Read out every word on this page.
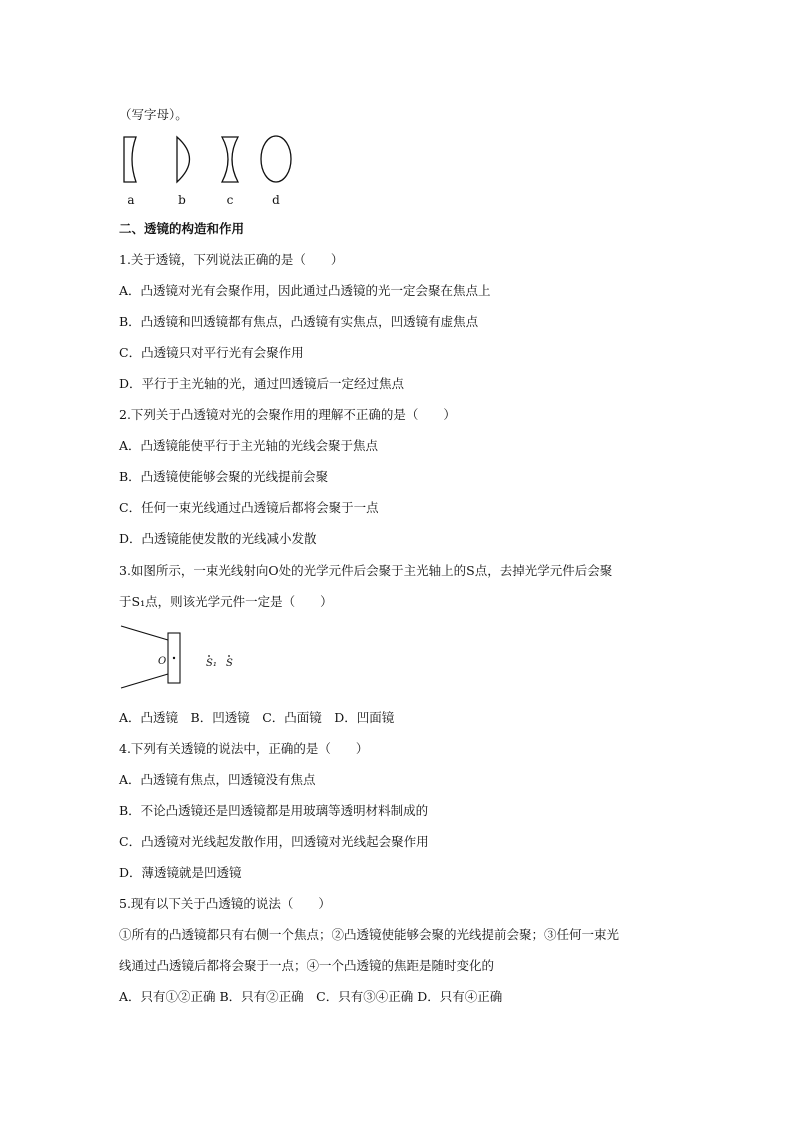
（写字母）。
a	b	c	d
二、透镜的构造和作用
1.关于透镜，下列说法正确的是（　　）
A．凸透镜对光有会聚作用，因此通过凸透镜的光一定会聚在焦点上
B．凸透镜和凹透镜都有焦点，凸透镜有实焦点，凹透镜有虚焦点
C．凸透镜只对平行光有会聚作用
D．平行于主光轴的光，通过凹透镜后一定经过焦点
2.下列关于凸透镜对光的会聚作用的理解不正确的是（　　）
A．凸透镜能使平行于主光轴的光线会聚于焦点
B．凸透镜使能够会聚的光线提前会聚
C．任何一束光线通过凸透镜后都将会聚于一点
D．凸透镜能使发散的光线减小发散
3.如图所示，一束光线射向O处的光学元件后会聚于主光轴上的S点，去掉光学元件后会聚
于S₁点，则该光学元件一定是（　　）
O	S₁ S
A．凸透镜　B．凹透镜　C．凸面镜　D．凹面镜
4.下列有关透镜的说法中，正确的是（　　）
A．凸透镜有焦点，凹透镜没有焦点
B．不论凸透镜还是凹透镜都是用玻璃等透明材料制成的
C．凸透镜对光线起发散作用，凹透镜对光线起会聚作用
D．薄透镜就是凹透镜
5.现有以下关于凸透镜的说法（　　）
①所有的凸透镜都只有右侧一个焦点；②凸透镜使能够会聚的光线提前会聚；③任何一束光
线通过凸透镜后都将会聚于一点；④一个凸透镜的焦距是随时变化的
A．只有①②正确 B．只有②正确　C．只有③④正确 D．只有④正确
